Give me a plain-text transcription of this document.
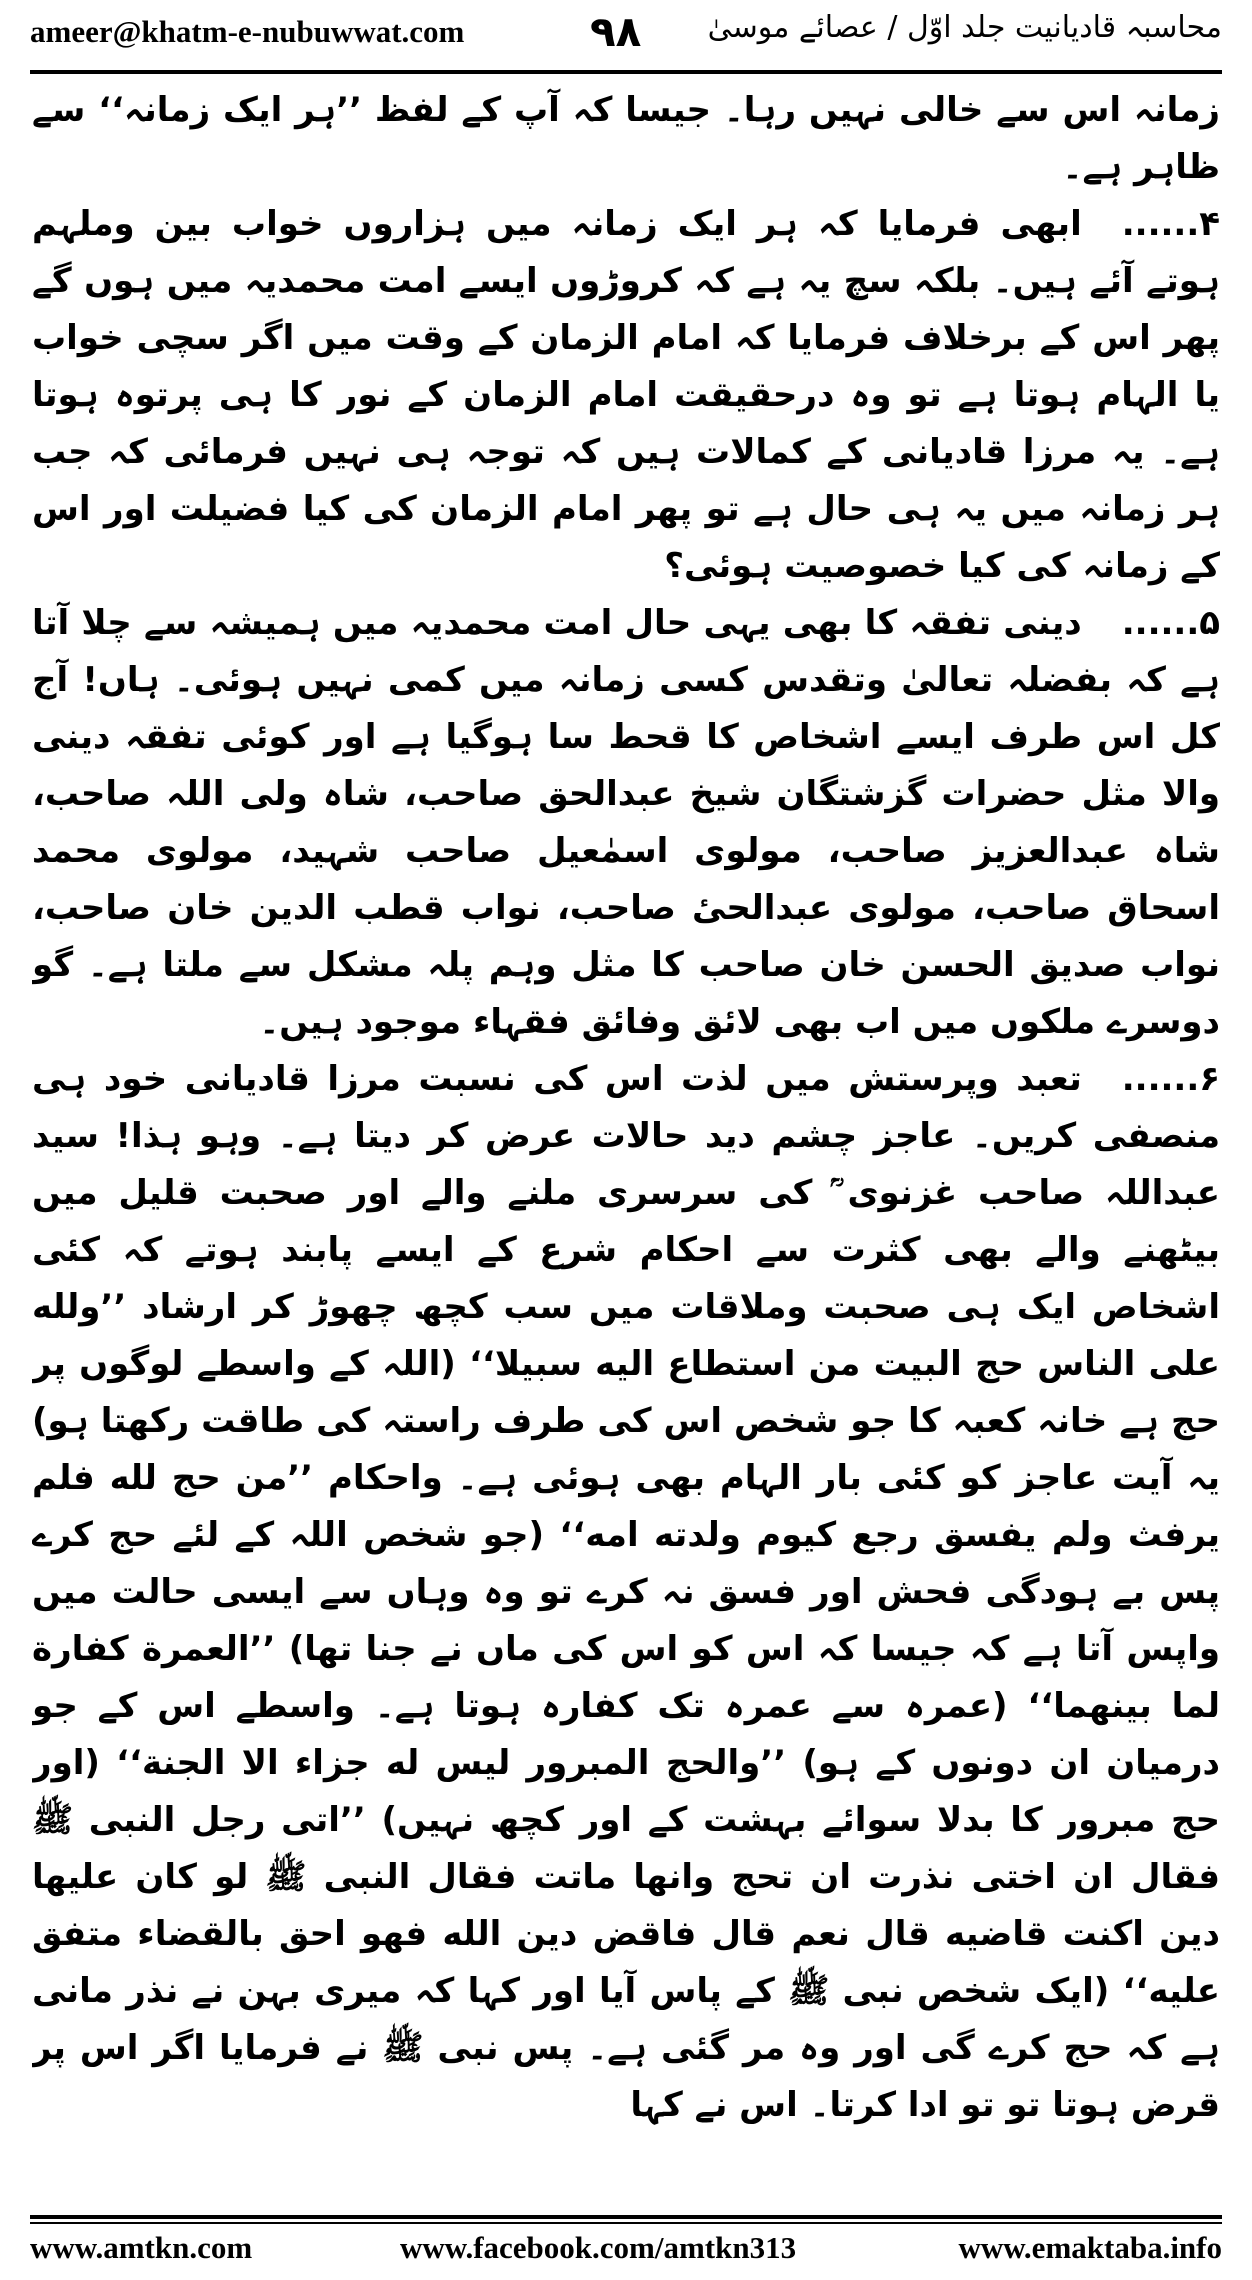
ameer@khatm-e-nubuwwat.com	۹۸ محاسبہ قادیانیت جلد اوّل / عصائے موسیٰ

زمانہ اس سے خالی نہیں رہا۔ جیسا کہ آپ کے لفظ ’’ہر ایک زمانہ‘‘ سے ظاہر ہے۔

۴......ابھی فرمایا کہ ہر ایک زمانہ میں ہزاروں خواب بین وملہم ہوتے آئے ہیں۔ بلکہ سچ یہ ہے کہ کروڑوں ایسے امت محمدیہ میں ہوں گے پھر اس کے برخلاف فرمایا کہ امام الزمان کے وقت میں اگر سچی خواب یا الہام ہوتا ہے تو وہ درحقیقت امام الزمان کے نور کا ہی پرتوہ ہوتا ہے۔ یہ مرزا قادیانی کے کمالات ہیں کہ توجہ ہی نہیں فرمائی کہ جب ہر زمانہ میں یہ ہی حال ہے تو پھر امام الزمان کی کیا فضیلت اور اس کے زمانہ کی کیا خصوصیت ہوئی؟

۵......دینی تفقہ کا بھی یہی حال امت محمدیہ میں ہمیشہ سے چلا آتا ہے کہ بفضلہ تعالیٰ وتقدس کسی زمانہ میں کمی نہیں ہوئی۔ ہاں! آج کل اس طرف ایسے اشخاص کا قحط سا ہوگیا ہے اور کوئی تفقہ دینی والا مثل حضرات گزشتگان شیخ عبدالحق صاحب، شاہ ولی اللہ صاحب، شاہ عبدالعزیز صاحب، مولوی اسمٰعیل صاحب شہید، مولوی محمد اسحاق صاحب، مولوی عبدالحیٔ صاحب، نواب قطب الدین خان صاحب، نواب صدیق الحسن خان صاحب کا مثل وہم پلہ مشکل سے ملتا ہے۔ گو دوسرے ملکوں میں اب بھی لائق وفائق فقہاء موجود ہیں۔

۶......تعبد وپرستش میں لذت اس کی نسبت مرزا قادیانی خود ہی منصفی کریں۔ عاجز چشم دید حالات عرض کر دیتا ہے۔ وہو ہذا! سید عبداللہ صاحب غزنوی ؒ کی سرسری ملنے والے اور صحبت قلیل میں بیٹھنے والے بھی کثرت سے احکام شرع کے ایسے پابند ہوتے کہ کئی اشخاص ایک ہی صحبت وملاقات میں سب کچھ چھوڑ کر ارشاد ’’ولله علی الناس حج البیت من استطاع الیه سبیلا‘‘ (اللہ کے واسطے لوگوں پر حج ہے خانہ کعبہ کا جو شخص اس کی طرف راستہ کی طاقت رکھتا ہو) یہ آیت عاجز کو کئی بار الہام بھی ہوئی ہے۔ واحکام ’’من حج لله فلم یرفث ولم یفسق رجع کیوم ولدته امه‘‘ (جو شخص اللہ کے لئے حج کرے پس بے ہودگی فحش اور فسق نہ کرے تو وہ وہاں سے ایسی حالت میں واپس آتا ہے کہ جیسا کہ اس کو اس کی ماں نے جنا تھا) ’’العمرة کفارة لما بینهما‘‘ (عمرہ سے عمرہ تک کفارہ ہوتا ہے۔ واسطے اس کے جو درمیان ان دونوں کے ہو) ’’والحج المبرور لیس له جزاء الا الجنة‘‘ (اور حج مبرور کا بدلا سوائے بہشت کے اور کچھ نہیں) ’’اتی رجل النبی ﷺ فقال ان اختی نذرت ان تحج وانها ماتت فقال النبی ﷺ لو کان علیها دین اکنت قاضیه قال نعم قال فاقض دین الله فهو احق بالقضاء متفق علیه‘‘ (ایک شخص نبی ﷺ کے پاس آیا اور کہا کہ میری بہن نے نذر مانی ہے کہ حج کرے گی اور وہ مر گئی ہے۔ پس نبی ﷺ نے فرمایا اگر اس پر قرض ہوتا تو تو ادا کرتا۔ اس نے کہا

www.amtkn.com	www.facebook.com/amtkn313	www.emaktaba.info
